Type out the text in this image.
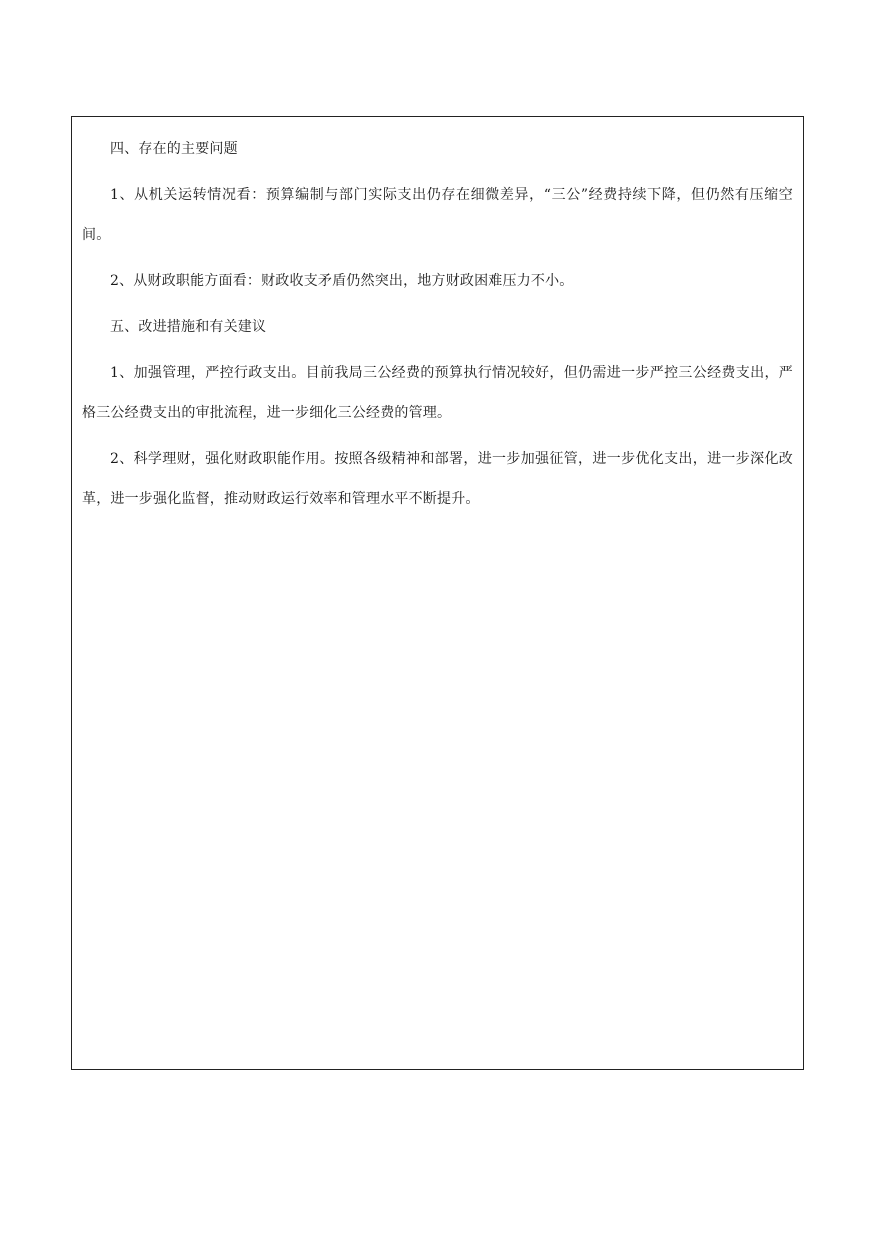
四、存在的主要问题

1、从机关运转情况看：预算编制与部门实际支出仍存在细微差异，“三公”经费持续下降，但仍然有压缩空间。

2、从财政职能方面看：财政收支矛盾仍然突出，地方财政困难压力不小。

五、改进措施和有关建议

1、加强管理，严控行政支出。目前我局三公经费的预算执行情况较好，但仍需进一步严控三公经费支出，严格三公经费支出的审批流程，进一步细化三公经费的管理。

2、科学理财，强化财政职能作用。按照各级精神和部署，进一步加强征管，进一步优化支出，进一步深化改革，进一步强化监督，推动财政运行效率和管理水平不断提升。
